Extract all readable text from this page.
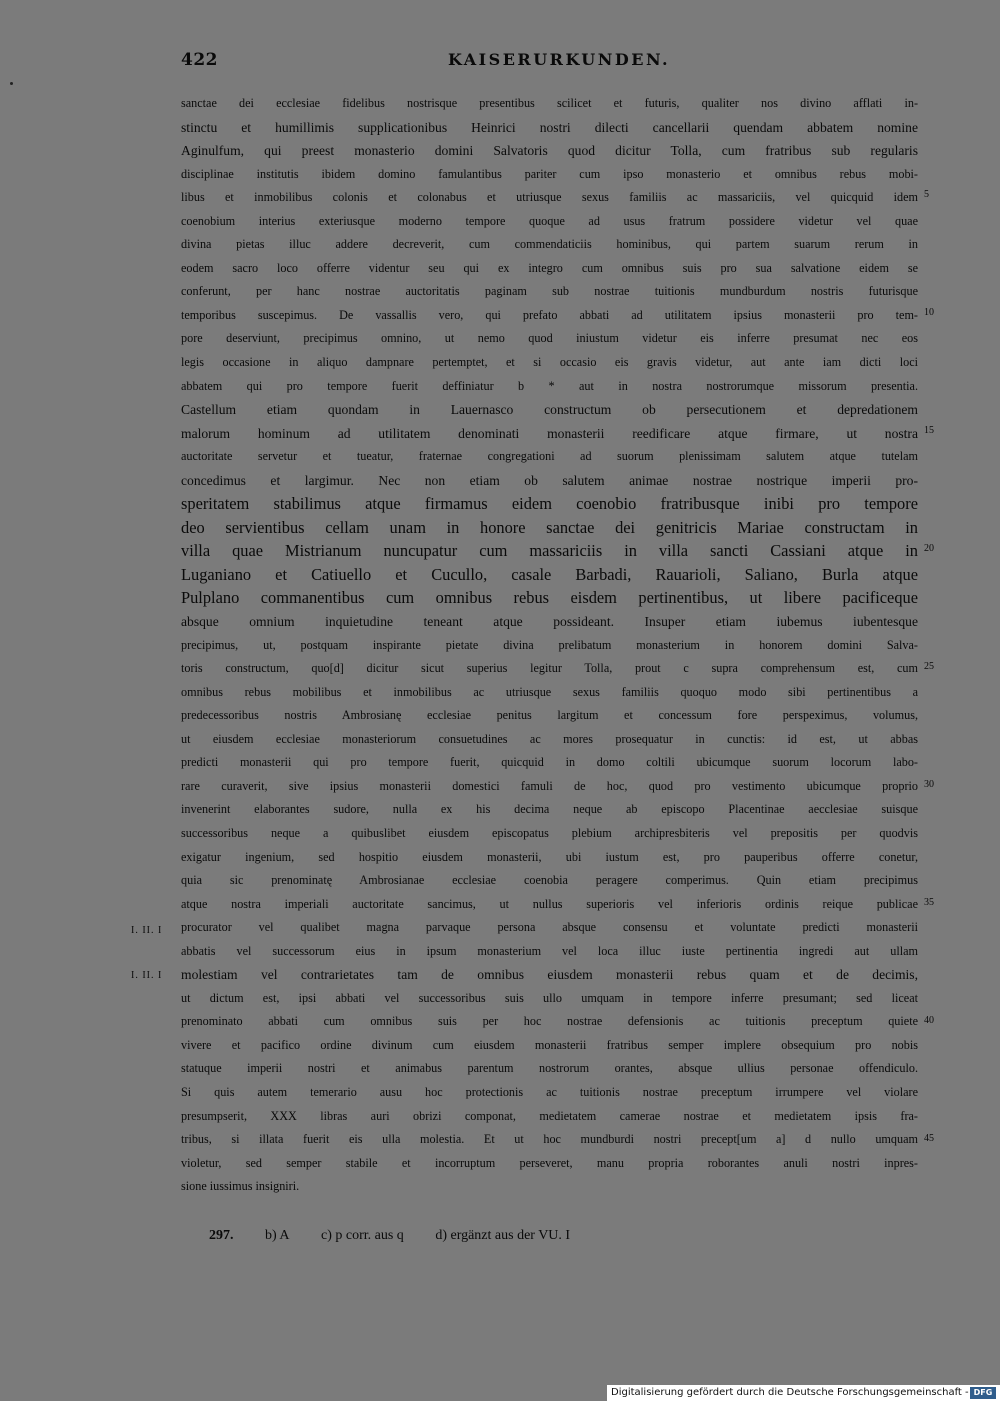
422	KAISERURKUNDEN.
sanctae dei ecclesiae fidelibus nostrisque presentibus scilicet et futuris, qualiter nos divino afflati in-
stinctu et humillimis supplicationibus Heinrici nostri dilecti cancellarii quendam abbatem nomine
Aginulfum, qui preest monasterio domini Salvatoris quod dicitur Tolla, cum fratribus sub regularis
disciplinae institutis ibidem domino famulantibus pariter cum ipso monasterio et omnibus rebus mobi-
libus et inmobilibus colonis et colonabus et utriusque sexus familiis ac massariciis, vel quicquid idem
coenobium interius exteriusque moderno tempore quoque ad usus fratrum possidere videtur vel quae
divina pietas illuc addere decreverit, cum commendaticiis hominibus, qui partem suarum rerum in
eodem sacro loco offerre videntur seu qui ex integro cum omnibus suis pro sua salvatione eidem se
conferunt, per hanc nostrae auctoritatis paginam sub nostrae tuitionis mundburdum nostris futurisque
temporibus suscepimus. De vassallis vero, qui prefato abbati ad utilitatem ipsius monasterii pro tem-
pore deserviunt, precipimus omnino, ut nemo quod iniustum videtur eis inferre presumat nec eos
legis occasione in aliquo dampnare pertemptet, et si occasio eis gravis videtur, aut ante iam dicti loci
abbatem qui pro tempore fuerit deffiniatur b * aut in nostra nostrorumque missorum presentia.
Castellum etiam quondam in Lauernasco constructum ob persecutionem et depredationem
malorum hominum ad utilitatem denominati monasterii reedificare atque firmare, ut nostra
auctoritate servetur et tueatur, fraternae congregationi ad suorum plenissimam salutem atque tutelam
concedimus et largimur. Nec non etiam ob salutem animae nostrae nostrique imperii pro-
speritatem stabilimus atque firmamus eidem coenobio fratribusque inibi pro tempore
deo servientibus cellam unam in honore sanctae dei genitricis Mariae constructam in
villa quae Mistrianum nuncupatur cum massariciis in villa sancti Cassiani atque in
Luganiano et Catiuello et Cucullo, casale Barbadi, Rauarioli, Saliano, Burla atque
Pulplano commanentibus cum omnibus rebus eisdem pertinentibus, ut libere pacificeque
absque omnium inquietudine teneant atque possideant. Insuper etiam iubemus iubentesque
precipimus, ut, postquam inspirante pietate divina prelibatum monasterium in honorem domini Salva-
toris constructum, quo[d] dicitur sicut superius legitur Tolla, prout c supra comprehensum est, cum
omnibus rebus mobilibus et inmobilibus ac utriusque sexus familiis quoquo modo sibi pertinentibus a
predecessoribus nostris Ambrosianę ecclesiae penitus largitum et concessum fore perspeximus, volumus,
ut eiusdem ecclesiae monasteriorum consuetudines ac mores prosequatur in cunctis: id est, ut abbas
predicti monasterii qui pro tempore fuerit, quicquid in domo coltili ubicumque suorum locorum labo-
rare curaverit, sive ipsius monasterii domestici famuli de hoc, quod pro vestimento ubicumque proprio
invenerint elaborantes sudore, nulla ex his decima neque ab episcopo Placentinae aecclesiae suisque
successoribus neque a quibuslibet eiusdem episcopatus plebium archipresbiteris vel prepositis per quodvis
exigatur ingenium, sed hospitio eiusdem monasterii, ubi iustum est, pro pauperibus offerre conetur,
quia sic prenominatę Ambrosianae ecclesiae coenobia peragere comperimus. Quin etiam precipimus
atque nostra imperiali auctoritate sancimus, ut nullus superioris vel inferioris ordinis reique publicae
procurator vel qualibet magna parvaque persona absque consensu et voluntate predicti monasterii
abbatis vel successorum eius in ipsum monasterium vel loca illuc iuste pertinentia ingredi aut ullam
molestiam vel contrarietates tam de omnibus eiusdem monasterii rebus quam et de decimis,
ut dictum est, ipsi abbati vel successoribus suis ullo umquam in tempore inferre presumant; sed liceat
prenominato abbati cum omnibus suis per hoc nostrae defensionis ac tuitionis preceptum quiete
vivere et pacifico ordine divinum cum eiusdem monasterii fratribus semper implere obsequium pro nobis
statuque imperii nostri et animabus parentum nostrorum orantes, absque ullius personae offendiculo.
Si quis autem temerario ausu hoc protectionis ac tuitionis nostrae preceptum irrumpere vel violare
presumpserit, XXX libras auri obrizi componat, medietatem camerae nostrae et medietatem ipsis fra-
tribus, si illata fuerit eis ulla molestia. Et ut hoc mundburdi nostri precept[um a] d nullo umquam
violetur, sed semper stabile et incorruptum perseveret, manu propria roborantes anuli nostri inpres-
sione iussimus insigniri.
5
10
15
20
25
30
35
40
45
I. II. I
I. II. I
297. b) A c) p corr. aus q d) ergänzt aus der VU. I
Digitalisierung gefördert durch die Deutsche Forschungsgemeinschaft - DFG
